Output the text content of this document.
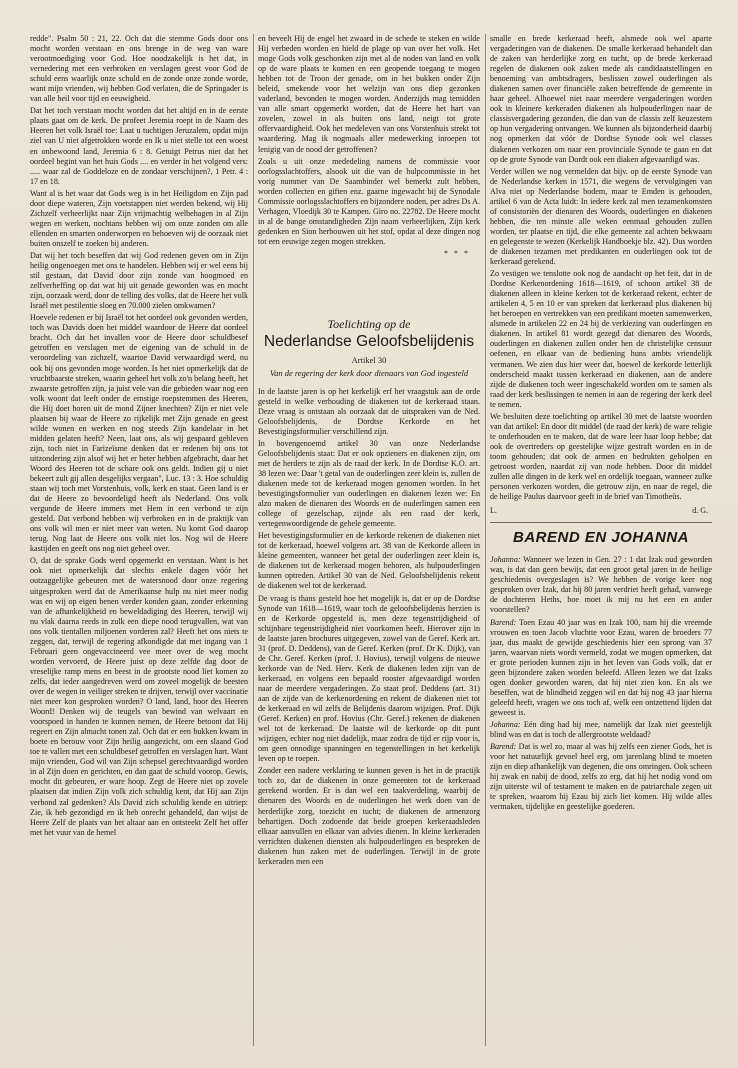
redde". Psalm 50 : 21, 22. Och dat die stemme Gods door ons mocht worden verstaan en ons brenge in de weg van ware verootmoediging voor God. Hoe noodzakelijk is het dat, in vernedering met een verbroken en verslagen geest voor God de schuld eens waarlijk onze schuld en de zonde onze zonde worde, want mijn vrienden, wij hebben God verlaten, die de Springader is van alle heil voor tijd en eeuwigheid.

Dat het toch verstaan mocht worden dat het altijd en in de eerste plaats gaat om de kerk. De profeet Jeremia roept in de Naam des Heeren het volk Israël toe: Laat u tuchtigen Jeruzalem, opdat mijn ziel van U niet afgetrokken worde en Ik u niet stelle tot een woest en onbewoond land, Jeremia 6 : 8. Getuigt Petrus niet dat het oordeel begint van het huis Gods .... en verder in het volgend vers: ..... waar zal de Goddeloze en de zondaar verschijnen?, 1 Petr. 4 : 17 en 18.

Want al is het waar dat Gods weg is in het Heiligdom en Zijn pad door diepe wateren, Zijn voetstappen niet werden bekend, wij Hij Zichzelf verheerlijkt naar Zijn vrijmachtig welbehagen in al Zijn wegen en werken, nochtans bebben wij om onze zonden om alle ellenden en smarten onderworpen en behoeven wij de oorzaak niet buiten onszelf te zoeken bij anderen.

Dat wij het toch beseffen dat wij God redenen geven om in Zijn heilig ongenoegen met ons te handelen. Hebben wij er wel eens bij stil gestaan, dat David door zijn zonde van hoogmoed en zelfverheffing op dat wat hij uit genade geworden was en mocht zijn, oorzaak werd, door de telling des volks, dat de Heere het volk Israël met pestilentie sloeg en 70.000 zielen omkwamen?

Hoevele redenen er bij Israël tot het oordeel ook gevonden werden, toch was Davids doen het middel waardoor de Heere dat oordeel bracht. Och dat het invallen voor de Heere door schuldbesef getroffen en verslagen met de eigening van de schuld in de veroordeling van zichzelf, waartoe David verwaardigd werd, nu ook bij ons gevonden moge worden. Is het niet opmerkelijk dat de vruchtbaarste streken, waarin geheel het volk zo'n belang heeft, het zwaarste getroffen zijn, ja juist vele van die gebieden waar nog een volk woont dat leeft onder de ernstige roepstemmen des Heeren, die Hij doet horen uit de mond Zijner knechten? Zijn er niet vele plaatsen bij waar de Heere zo rijkelijk met Zijn genade en geest wilde wonen en werken en nog steeds Zijn kandelaar in het midden gelaten heeft? Neen, laat ons, als wij gespaard gebleven zijn, toch niet in Farizeïsme denken dat er redenen bij ons tot uitzondering zijn alsof wij het er beter hebben afgebracht, daar het Woord des Heeren tot de schare ook ons geldt. Indien gij u niet bekeert zult gij allen desgelijks vergaan", Luc. 13 : 3. Hoe schuldig staan wij toch met Vorstenhuis, volk, kerk en staat. Geen land is er dat de Heere zo bevoordeligd heeft als Nederland. Ons volk vergunde de Heere immers met Hem in een verbond te zijn gesteld. Dat verbond hebben wij verbroken en in de praktijk van ons volk wil men er niet meer van weten. Nu komt God daarop terug. Nog laat de Heere ons volk niet los. Nog wil de Heere kastijden en geeft ons nog niet geheel over.

O, dat de sprake Gods werd opgemerkt en verstaan. Want is het ook niet opmerkelijk dat slechts enkele dagen vóór het outzaggelijke gebeuren met de watersnood door onze regering uitgesproken werd dat de Amerikaanse hulp nu niet meer nodig was en wij op eigen benen verder konden gaan, zonder erkenning van de afhankelijkheid en beweldadiging des Heeren, terwijl wij nu vlak daarna reeds in zulk een diepe nood terugvallen, wat van ons volk tientallen miljoenen vorderen zal? Heeft het ons niets te zeggen, dat, terwijl de regering afkondigde dat met ingang van 1 Februari geen ongevaccineerd vee meer over de weg mocht worden vervoerd, de Heere juist op deze zelfde dag door de vreselijke ramp mens en beest in de grootste nood liet komen zo zelfs, dat ieder aangedreven werd om zoveel mogelijk de beesten over de wegen in veiliger streken te drijven, terwijl over vaccinatie niet meer kon gesproken worden? O land, land, hoor des Heeren Woord! Denken wij de teugels van bewind van welvaart en voorspoed in handen te kunnen nemen, de Heere betoont dat Hij regeert en Zijn almacht tonen zal. Och dat er een bukken kwam in boete en berouw voor Zijn heilig aangezicht, om een slaand God toe te vallen met een schuldbesef getroffen en verslagen hart. Want mijn vrienden, God wil van Zijn schepsel gerechtvaardigd worden in al Zijn doen en gerichten, en dan gaat de schuld voorop. Gewis, mocht dit gebeuren, er ware hoop. Zegt de Heere niet op zovele plaatsen dat indien Zijn volk zich schuldig kent, dat Hij aan Zijn verbond zal gedenken? Als David zich schuldig kende en uitriep: Zie, ik heb gezondigd en ik heb onrecht gehandeld, dan wijst de Heere Zelf de plaats van het altaar aan en ontsteekt Zelf het offer met het vuur van de hemel

en beveelt Hij de engel het zwaard in de schede te steken en wilde Hij verbeden worden en hield de plage op van over het volk. Het moge Gods volk geschonken zijn met al de noden van land en volk op de ware plaats te komen en een geopende toegang te mogen hebben tot de Troon der genade, om in het bukken onder Zijn beleid, smekende voor het welzijn van ons diep gezonken vaderland, bevonden te mogen worden. Anderzijds mag temidden van alle smart opgemerkt worden, dat de Heere het hart van zovelen, zowel in als buiten ons land, neigt tot grote offervaardigheid. Ook het medeleven van ons Vorstenhuis strekt tot waardering. Mag ik nogmaals aller medewerking inroepen tot lenigig van de nood der getroffenen?

Zoals u uit onze mededeling namens de commissie voor oorlogsslachtoffers, alsook uit die van de hulpcommissie in het vorig nummer van De Saambinder wel bemerkt zult hebben, worden collecten en giften enz. gaarne ingewacht bij de Synodale Commissie oorlogsslachtoffers en bijzondere noden, per adres Ds A. Verhagen, Vloedijk 30 te Kampen. Giro no. 22782. De Heere mocht in al de bange omstandigheden Zijn naam verheerlijken, Zijn kerk gedenken en Sion herbouwen uit het stof, opdat al deze dingen nog tot een eeuwige zegen mogen strekken.

* * *
Toelichting op de
Nederlandse Geloofsbelijdenis
Artikel 30
Van de regering der kerk door dienaars van God ingesteld

In de laatste jaren is op het kerkelijk erf het vraagstuk aan de orde gesteld in welke verhouding de diakenen tot de kerkeraad staan. Deze vraag is ontstaan als oorzaak dat de uitspraken van de Ned. Geloofsbelijdenis, de Dordtse Kerkorde en het Bevestigingsformulier verschillend zijn.

In bovengenoemd artikel 30 van onze Nederlandse Geloofsbelijdenis staat: Dat er ook opzieners en diakenen zijn, om met de herders te zijn als de raad der kerk. In de Dordtse K.O. art. 38 lezen we: Daar 't getal van de ouderlingen zeer klein is, zullen de diakenen mede tot de kerkeraad mogen genomen worden. In het bevestigingsformulier van ouderlingen en diakenen lezen we: En alzo maken de dienaren des Woords en de ouderlingen samen een college of gezelschap, zijnde als een raad der kerk, vertegenwoordigende de gehele gemeente.

Het bevestigingsformulier en de kerkorde rekenen de diakenen niet tot de kerkeraad, hoewel volgens art. 38 van de Kerkorde alleen in kleine gemeenten, wanneer het getal der ouderlingen zeer klein is, de diakenen tot de kerkeraad mogen behoren, als hulpouderlingen kunnen optreden. Artikel 30 van de Ned. Geloofsbelijdenis rekent de diakenen wel tot de kerkeraad.

De vraag is thans gesteld hoe het mogelijk is, dat er op de Dordtse Synode van 1618—1619, waar toch de geloofsbelijdenis herzien is en de Kerkorde opgesteld is, men deze tegenstrijdigheid of schijnbare tegenstrijdigheid niet voorkomen heeft. Hierover zijn in de laatste jaren brochures uitgegeven, zowel van de Geref. Kerk art. 31 (prof. D. Deddens), van de Geref. Kerken (prof. Dr K. Dijk), van de Chr. Geref. Kerken (prof. J. Hovius), terwijl volgens de nieuwe kerkorde van de Ned. Herv. Kerk de diakenen leden zijn van de kerkeraad, en volgens een bepaald rooster afgevaardigd worden naar de meerdere vergaderingen. Zo staat prof. Deddens (art. 31) aan de zijde van de kerkenordening en rekent de diakenen niet tot de kerkeraad en wil zelfs de Belijdenis daarom wijzigen. Prof. Dijk (Geref. Kerken) en prof. Hovius (Chr. Geref.) rekenen de diakenen wel tot de kerkeraad. De laatste wil de kerkorde op dit punt wijzigen, echter nog niet dadelijk, maar zodra de tijd er rijp voor is, om geen onnodige spanningen en tegenstellingen in het kerkelijk leven op te roepen.

Zonder een nadere verklaring te kunnen geven is het in de practijk toch zo, dat de diakenen in onze gemeenten tot de kerkeraad gerekend worden. Er is dan wel een taakverdeling, waarbij de dienaren des Woords en de ouderlingen het werk doen van de herderlijke zorg, toezicht en tucht; de diakenen de armenzorg behartigen. Doch zodoende dat beide groepen kerkeraadsleden elkaar aanvullen en elkaar van advies dienen. In kleine kerkeraden verrichten diakenen diensten als hulpouderlingen en bespreken de diakenen hun zaken met de ouderlingen. Terwijl in de grote kerkeraden men een

smalle en brede kerkeraad heeft, alsmede ook wel aparte vergaderingen van de diakenen. De smalle kerkeraad behandelt dan de zaken van herderlijke zorg en tucht, op de brede kerkeraad regelen de diakenen ook zaken mede als candidaatstellingen en benoeming van ambtsdragers, beslissen zowel ouderlingen als diakenen samen over financiële zaken betreffende de gemeente in haar geheel. Alhoewel niet naar meerdere vergaderingen worden ook in kleinere kerkeraden diakenen als hulpouderlingen naar de classisvergadering gezonden, die dan van de classis zelf keuzestem op hun vergadering ontvangen. We kunnen als bijzonderheid daarbij nog opmerken dat vóór de Dordtse Synode ook wel classes diakenen verkozen om naar een provinciale Synode te gaan en dat op de grote Synode van Dordt ook een diaken afgevaardigd was.

Verder willen we nog vermelden dat bijv. op de eerste Synode van de Nederlandse kerken in 1571, die wegens de vervolgingen van Alva niet op Nederlandse bodem, maar te Emden is gehouden, artikel 6 van de Acta luidt: In iedere kerk zal men tezamenkomsten of consistoriën der dienaren des Woords, ouderlingen en diakenen hebben, die ten minste alle weken eenmaal gehouden zullen worden, ter plaatse en tijd, die elke gemeente zal achten bekwaam en gelegenste te wezen (Kerkelijk Handboekje blz. 42). Dus worden de diakenen tezamen met predikanten en ouderlingen ook tot de kerkeraad gerekend.

Zo vestigen we tenslotte ook nog de aandacht op het feit, dat in de Dordtse Kerkenordening 1618—1619, of schoon artikel 38 de diakenen alleen in kleine kerken tot de kerkeraad rekent, echter de artikelen 4, 5 en 10 er van spreken dat kerkeraad plus diakenen bij het beroepen en vertrekken van een predikant moeten samenwerken, alsmede in artikelen 22 en 24 bij de verkiezing van ouderlingen en diakenen. In artikel 81 wordt gezegd dat dienaren des Woords, ouderlingen en diakenen zullen onder hen de christelijke censuur oefenen, en elkaar van de bediening huns ambts vriendelijk vermanen. We zien dus hier weer dat, hoewel de kerkorde letterlijk onderscheid maakt tussen kerkeraad en diakenen, aan de andere zijde de diakenen toch weer ingeschakeld worden om te samen als raad der kerk beslissingen te nemen in aan de regering der kerk deel te nemen.

We besluiten deze toelichting op artikel 30 met de laatste woorden van dat artikel: En door dit middel (de raad der kerk) de ware religie te onderhouden en te maken, dat de ware leer haar loop hebbe; dat ook de overtreders op geestelijke wijze gestraft worden en in de toom gehouden; dat ook de armen en bedrukten geholpen en getroost worden, naardat zij van node hebben. Door dit middel zullen alle dingen in de kerk wel en ordelijk toegaan, wanneer zulke personen verkozen worden, die getrouw zijn, en naar de regel, die de heilige Paulus daarvoor geeft in de brief van Timotheüs.

L.	d. G.
BAREND EN JOHANNA

Johanna: Wanneer we lezen in Gen. 27 : 1 dat Izak oud geworden was, is dat dan geen bewijs, dat een groot getal jaren in de heilige geschiedenis overgeslagen is? We hebben de vorige keer nog gesproken over Izak, dat hij 80 jaren verdriet heeft gehad, vanwege de dochteren Heths, hoe moet ik mij nu het een en ander voorstellen?

Barend: Toen Ezau 40 jaar was en Izak 100, nam hij die vreemde vrouwen en toen Jacob vluchtte voor Ezau, waren de broeders 77 jaar, dus maakt de gewijde geschiedenis hier een sprong van 37 jaren, waarvan niets wordt vermeld, zodat we mogen opmerken, dat er grote perioden kunnen zijn in het leven van Gods volk, dat er geen bijzondere zaken worden beleefd. Alleen lezen we dat Izaks ogen donker geworden waren, dat hij niet zien kon. En als we beseffen, wat de blindheid zeggen wil en dat hij nog 43 jaar hierna geleefd heeft, vragen we ons toch af, welk een ontzettend lijden dat geweest is.

Johanna: Eén ding had hij mee, namelijk dat Izak niet geestelijk blind was en dat is toch de allergrootste weldaad?

Barend: Dat is wel zo, maar al was hij zelfs een ziener Gods, het is voor het natuurlijk gevoel heel erg, om jarenlang blind te moeten zijn en diep afhankelijk van degenen, die ons omringen. Ook scheen hij zwak en nabij de dood, zelfs zo erg, dat hij het nodig vond om zijn uiterste wil of testament te maken en de patriarchale zegen uit te spreken, waarom hij Ezau bij zich liet komen. Hij wilde alles vermaken, tijdelijke en geestelijke goederen.
